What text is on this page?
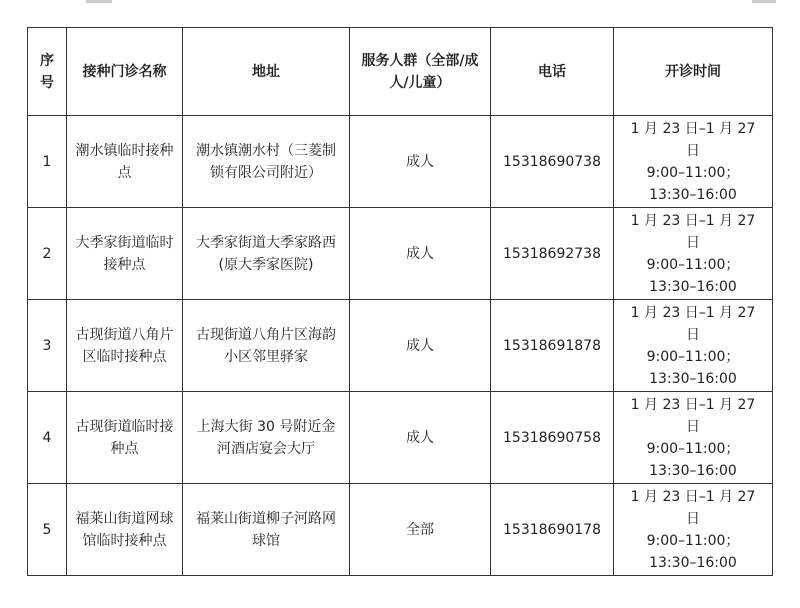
序号	接种门诊名称	地址	服务人群（全部/成人/儿童）	电话	开诊时间
1	潮水镇临时接种点	潮水镇潮水村（三菱制锁有限公司附近）	成人	15318690738	1 月 23 日–1 月 27 日
9:00–11:00；
13:30–16:00

2	大季家街道临时接种点	大季家街道大季家路西(原大季家医院)	成人	15318692738	1 月 23 日–1 月 27 日
9:00–11:00；
13:30–16:00

3	古现街道八角片区临时接种点	古现街道八角片区海韵小区邻里驿家	成人	15318691878	1 月 23 日–1 月 27 日
9:00–11:00；
13:30–16:00

4	古现街道临时接种点	上海大街 30 号附近金河酒店宴会大厅	成人	15318690758	1 月 23 日–1 月 27 日
9:00–11:00；
13:30–16:00

5	福莱山街道网球馆临时接种点	福莱山街道柳子河路网球馆	全部	15318690178	1 月 23 日–1 月 27 日
9:00–11:00；
13:30–16:00
